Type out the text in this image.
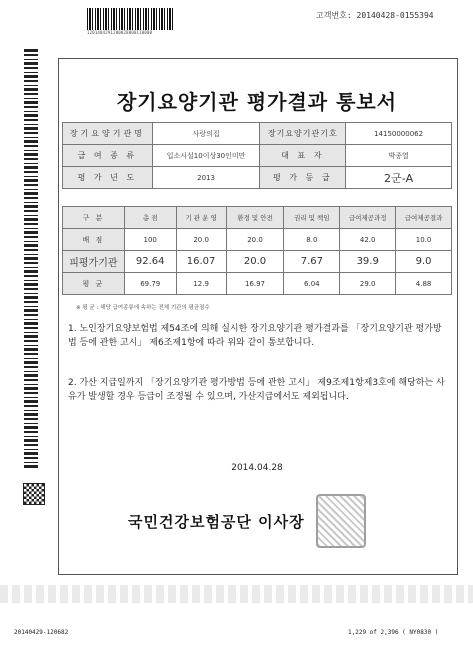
1201404291200828000110000
고객번호: 20140428-0155394
장기요양기관 평가결과 통보서
장기요양기관명	사랑의집	장기요양기관기호	14150000062
급 여 종 류	입소시설10이상30인미만	대 표 자	박종열
평 가 년 도	2013	평 가 등 급	2군-A
구 분	총 점	기 관 운 영	환경 및 안전	권리 및 책임	급여제공과정	급여제공결과
배 점	100	20.0	20.0	8.0	42.0	10.0
피평가기관	92.64	16.07	20.0	7.67	39.9	9.0
평 균	69.79	12.9	16.97	6.04	29.0	4.88
※ 평 균 : 해당 급여종류에 속하는 전체 기관의 평균점수
1. 노인장기요양보험법 제54조에 의해 실시한 장기요양기관 평가결과를 「장기요양기관 평가방법 등에 관한 고시」 제6조제1항에 따라 위와 같이 통보합니다.
2. 가산 지급일까지 「장기요양기관 평가방법 등에 관한 고시」 제9조제1항제3호에 해당하는 사유가 발생할 경우 등급이 조정될 수 있으며, 가산지급에서도 제외됩니다.
2014.04.28
국민건강보험공단 이사장
20140429-120682	1,229 of 2,396 ( NY0830 )
